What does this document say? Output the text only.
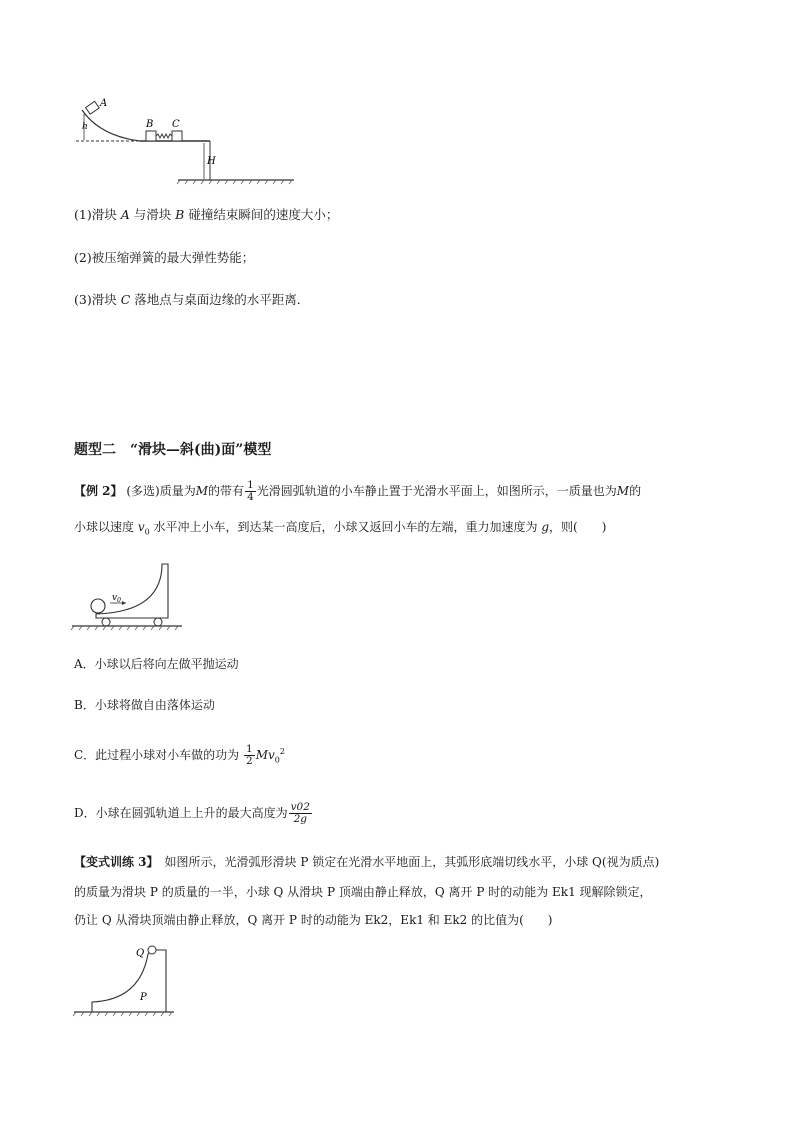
A
h	B C
H
(1)滑块 A 与滑块 B 碰撞结束瞬间的速度大小；
(2)被压缩弹簧的最大弹性势能；
(3)滑块 C 落地点与桌面边缘的水平距离．
题型二　“滑块—斜(曲)面”模型
【例 2】 (多选)质量为M的带有 $\frac{1}{4}$ 光滑圆弧轨道的小车静止置于光滑水平面上，如图所示，一质量也为M的
小球以速度 $v_0$ 水平冲上小车，到达某一高度后，小球又返回小车的左端，重力加速度为 g，则(　　)
$v_0$
A．小球以后将向左做平抛运动
B．小球将做自由落体运动
C．此过程小球对小车做的功为 $\frac{1}{2} Mv_0^2$
D．小球在圆弧轨道上上升的最大高度为 $\frac{v02}{2g}$
【变式训练 3】　如图所示，光滑弧形滑块 P 锁定在光滑水平地面上，其弧形底端切线水平，小球 Q(视为质点)
的质量为滑块 P 的质量的一半，小球 Q 从滑块 P 顶端由静止释放，Q 离开 P 时的动能为 Ek1 现解除锁定，
仍让 Q 从滑块顶端由静止释放，Q 离开 P 时的动能为 Ek2，Ek1 和 Ek2 的比值为(　　)
Q
P
